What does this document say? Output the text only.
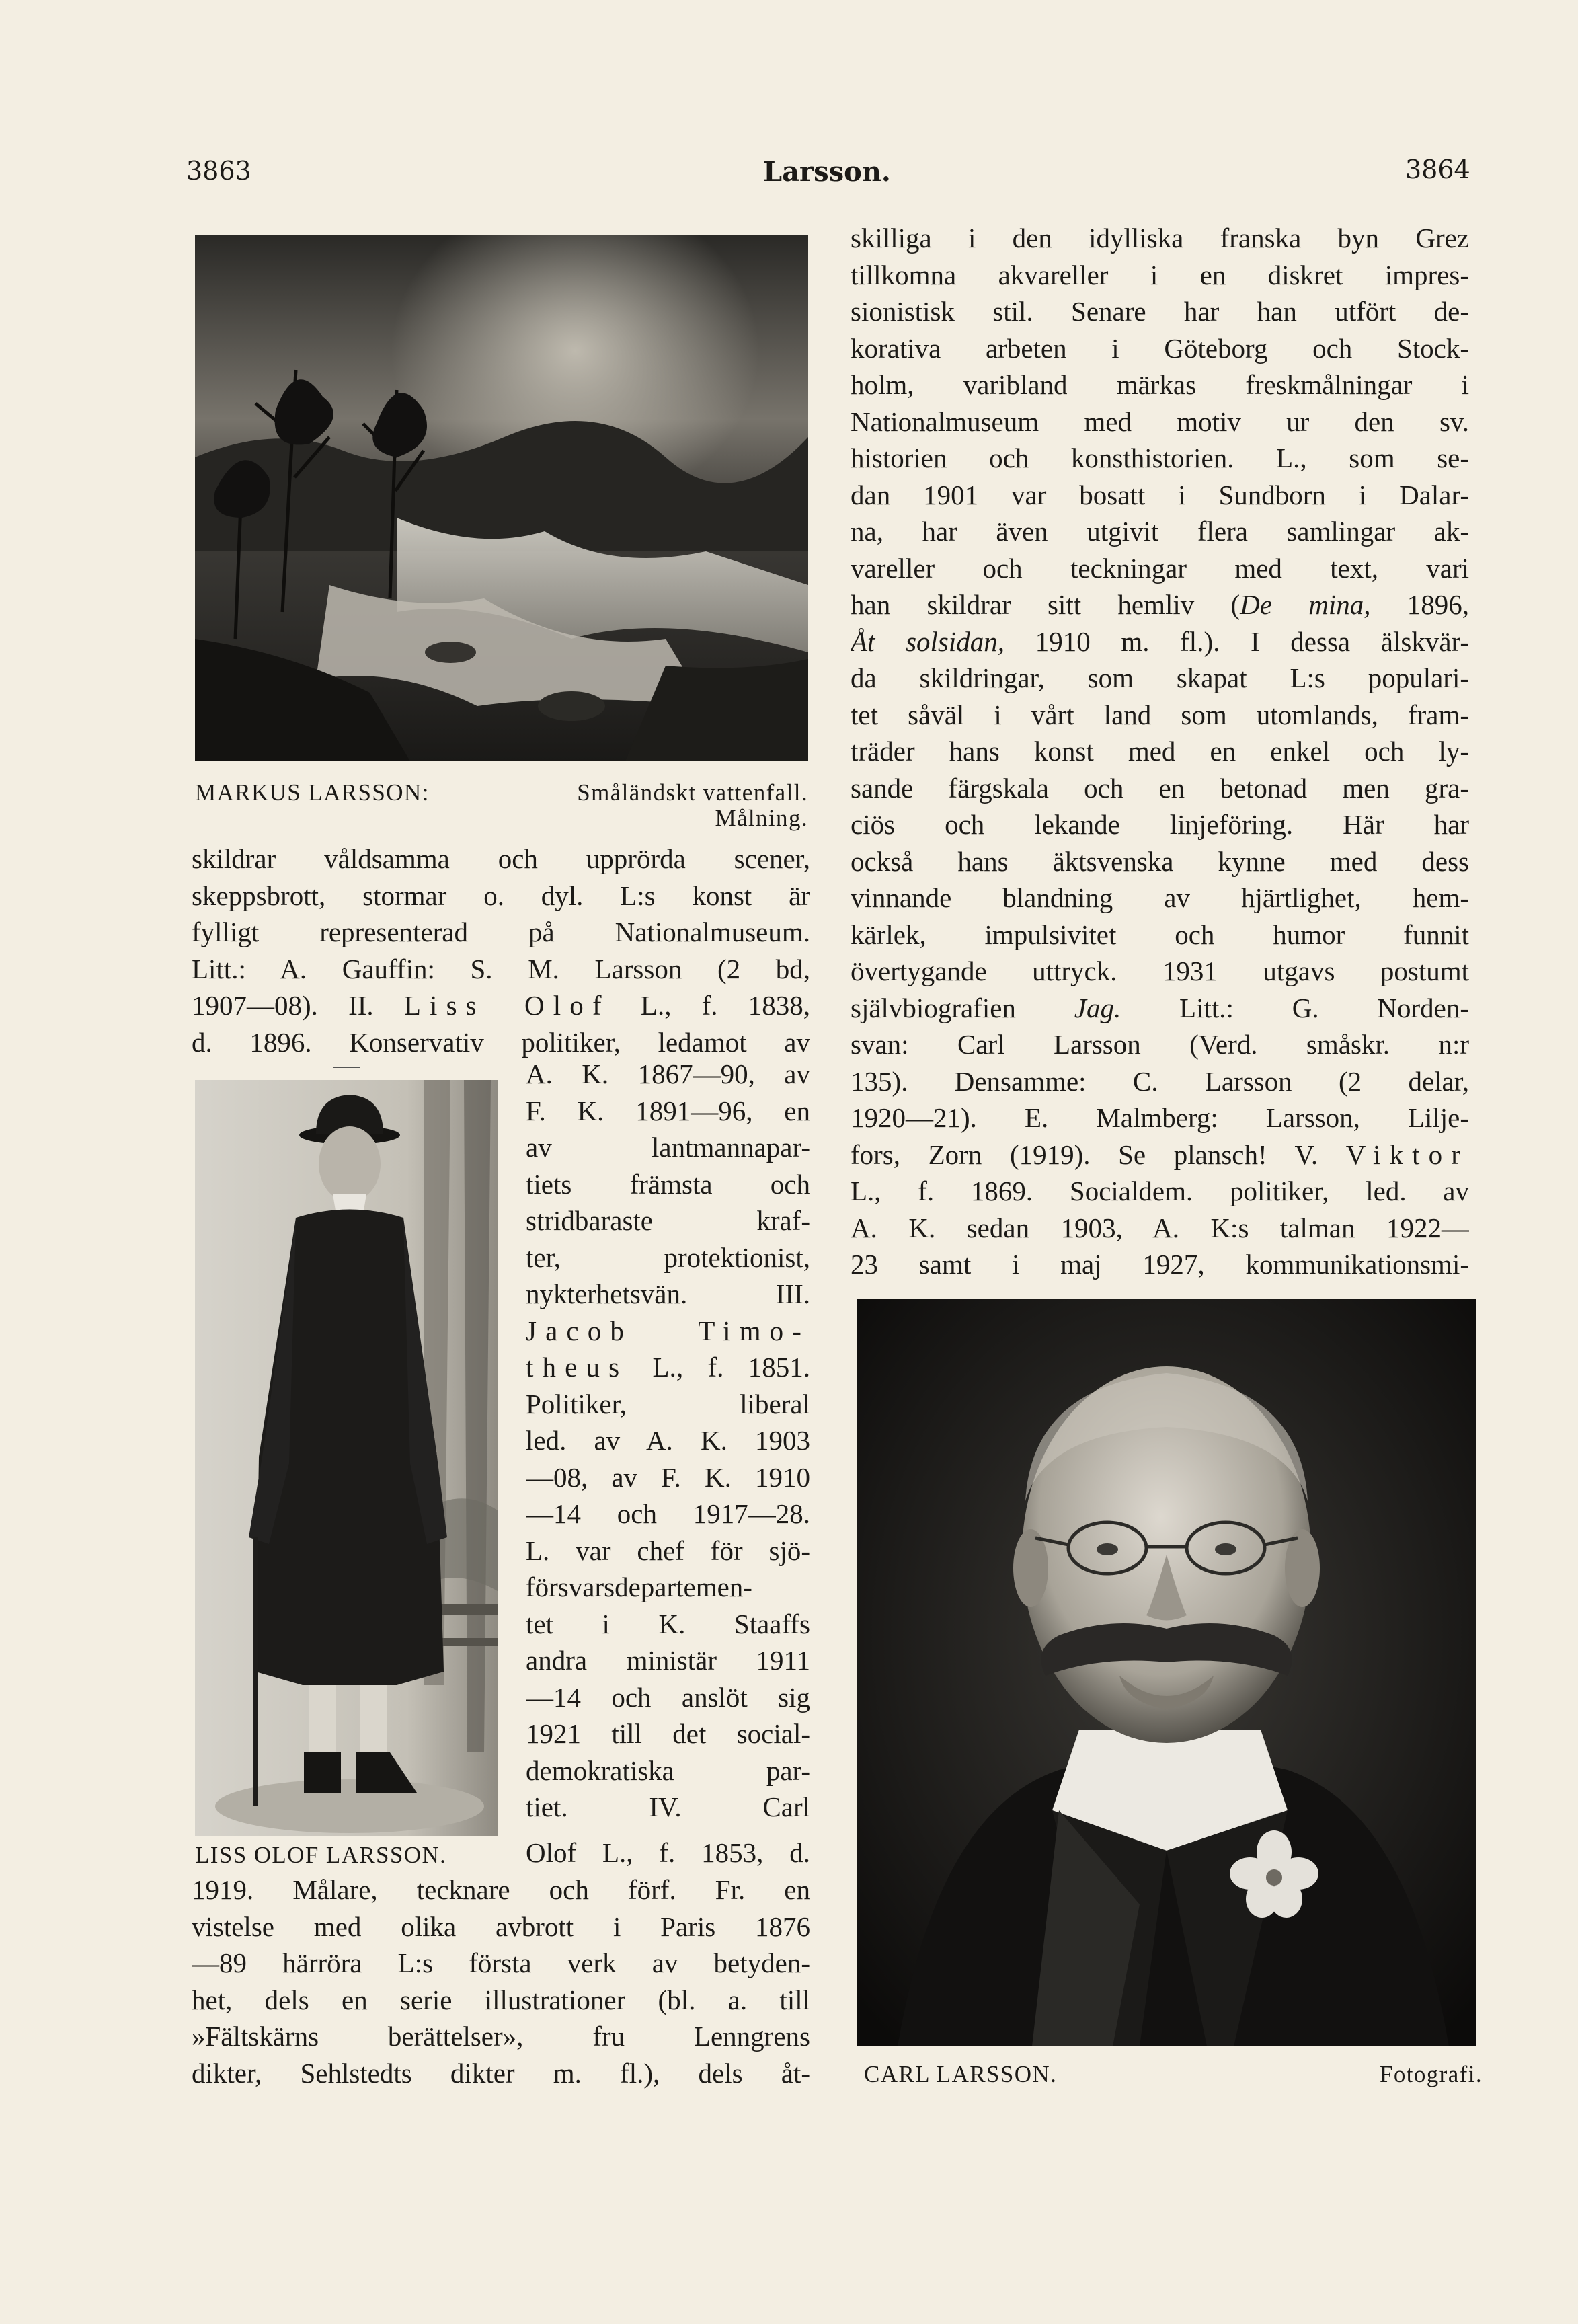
3863	Larsson.	3864
MARKUS LARSSON:	Småländskt vattenfall.
Målning.
skildrar våldsamma och upprörda scener,
skeppsbrott, stormar o. dyl. L:s konst är
fylligt representerad på Nationalmuseum.
Litt.: A. Gauffin: S. M. Larsson (2 bd,
1907—08). II. Liss Olof L., f. 1838,
d. 1896. Konservativ politiker, ledamot av
A. K. 1867—90, av
F. K. 1891—96, en
av lantmannapar-
tiets främsta och
stridbaraste kraf-
ter, protektionist,
nykterhetsvän. III.
Jacob Timo-
theus L., f. 1851.
Politiker, liberal
led. av A. K. 1903
—08, av F. K. 1910
—14 och 1917—28.
L. var chef för sjö-
försvarsdepartemen-
tet i K. Staaffs
andra ministär 1911
—14 och anslöt sig
1921 till det social-
demokratiska par-
tiet. IV. Carl
LISS OLOF LARSSON.	Olof L., f. 1853, d.
1919. Målare, tecknare och förf. Fr. en
vistelse med olika avbrott i Paris 1876
—89 härröra L:s första verk av betyden-
het, dels en serie illustrationer (bl. a. till
»Fältskärns berättelser», fru Lenngrens
dikter, Sehlstedts dikter m. fl.), dels åt-
skilliga i den idylliska franska byn Grez
tillkomna akvareller i en diskret impres-
sionistisk stil. Senare har han utfört de-
korativa arbeten i Göteborg och Stock-
holm, varibland märkas freskmålningar i
Nationalmuseum med motiv ur den sv.
historien och konsthistorien. L., som se-
dan 1901 var bosatt i Sundborn i Dalar-
na, har även utgivit flera samlingar ak-
vareller och teckningar med text, vari
han skildrar sitt hemliv (De mina, 1896,
Åt solsidan, 1910 m. fl.). I dessa älskvär-
da skildringar, som skapat L:s populari-
tet såväl i vårt land som utomlands, fram-
träder hans konst med en enkel och ly-
sande färgskala och en betonad men gra-
ciös och lekande linjeföring. Här har
också hans äktsvenska kynne med dess
vinnande blandning av hjärtlighet, hem-
kärlek, impulsivitet och humor funnit
övertygande uttryck. 1931 utgavs postumt
självbiografien Jag. Litt.: G. Norden-
svan: Carl Larsson (Verd. småskr. n:r
135). Densamme: C. Larsson (2 delar,
1920—21). E. Malmberg: Larsson, Lilje-
fors, Zorn (1919). Se plansch! V. Viktor
L., f. 1869. Socialdem. politiker, led. av
A. K. sedan 1903, A. K:s talman 1922—
23 samt i maj 1927, kommunikationsmi-
CARL LARSSON.	Fotografi.
